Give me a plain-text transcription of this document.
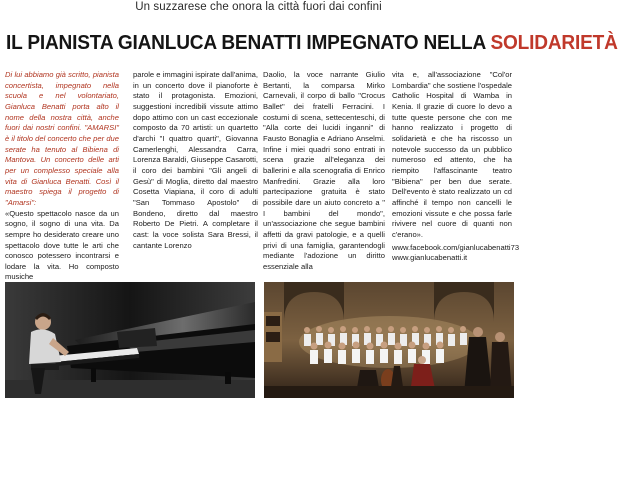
Un suzzarese che onora la città fuori dai confini
IL PIANISTA GIANLUCA BENATTI IMPEGNATO NELLA SOLIDARIETÀ

Di lui abbiamo già scritto, pianista concertista, impegnato nella scuola e nel volontariato, Gianluca Benatti porta alto il nome della nostra città, anche fuori dai nostri confini. "AMARSI" è il titolo del concerto che per due serate ha tenuto al Bibiena di Mantova. Un concerto delle arti per un complesso speciale alla vita di Gianluca Benatti. Così il maestro spiega il progetto di "Amarsi":

«Questo spettacolo nasce da un sogno, il sogno di una vita. Da sempre ho desiderato creare uno spettacolo dove tutte le arti che conosco potessero incontrarsi e lodare la vita. Ho composto musiche

parole e immagini ispirate dall'anima, in un concerto dove il pianoforte è stato il protagonista. Emozioni, suggestioni incredibili vissute attimo dopo attimo con un cast eccezionale composto da 70 artisti: un quartetto d'archi "I quattro quarti", Giovanna Camerlenghi, Alessandra Carra, Lorenza Baraldi, Giuseppe Casarotti, il coro dei bambini "Gli angeli di Gesù" di Moglia, diretto dal maestro Cosetta Viapiana, il coro di adulti "San Tommaso Apostolo" di Bondeno, diretto dal maestro Roberto De Pietri. A completare il cast: la voce solista Sara Bressi, il cantante Lorenzo

Daolio, la voce narrante Giulio Bertanti, la comparsa Mirko Carnevali, il corpo di ballo "Crocus Ballet" dei fratelli Ferracini. I costumi di scena, settecenteschi, di "Alla corte dei lucidi inganni" di Fausto Bonaglia e Adriano Anselmi. Infine i miei quadri sono entrati in scena grazie all'eleganza dei ballerini e alla scenografia di Enrico Manfredini. Grazie alla loro partecipazione gratuita è stato possibile dare un aiuto concreto a " I bambini del mondo", un'associazione che segue bambini affetti da gravi patologie, e a quelli privi di una famiglia, garantendogli mediante l'adozione un diritto essenziale alla

vita e, all'associazione "Col'or Lombardia" che sostiene l'ospedale Catholic Hospital di Wamba in Kenia. Il grazie di cuore lo devo a tutte queste persone che con me hanno realizzato i progetto di solidarietà e che ha riscosso un notevole successo da un pubblico numeroso ed attento, che ha riempito l'affascinante teatro "Bibiena" per ben due serate. Dell'evento è stato realizzato un cd affinché il tempo non cancelli le emozioni vissute e che possa farle rivivere nel cuore di quanti non c'erano».

www.facebook.com/gianlucabenatti73
www.gianlucabenatti.it
